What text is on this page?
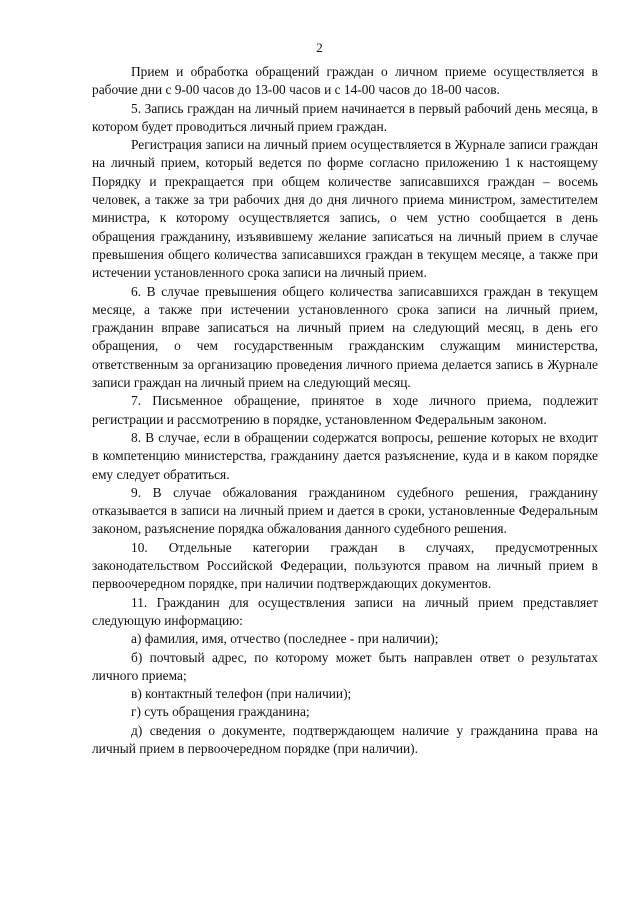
2

Прием и обработка обращений граждан о личном приеме осуществляется в рабочие дни с 9-00 часов до 13-00 часов и с 14-00 часов до 18-00 часов.

5. Запись граждан на личный прием начинается в первый рабочий день месяца, в котором будет проводиться личный прием граждан.

Регистрация записи на личный прием осуществляется в Журнале записи граждан на личный прием, который ведется по форме согласно приложению 1 к настоящему Порядку и прекращается при общем количестве записавшихся граждан – восемь человек, а также за три рабочих дня до дня личного приема министром, заместителем министра, к которому осуществляется запись, о чем устно сообщается в день обращения гражданину, изъявившему желание записаться на личный прием в случае превышения общего количества записавшихся граждан в текущем месяце, а также при истечении установленного срока записи на личный прием.

6. В случае превышения общего количества записавшихся граждан в текущем месяце, а также при истечении установленного срока записи на личный прием, гражданин вправе записаться на личный прием на следующий месяц, в день его обращения, о чем государственным гражданским служащим министерства, ответственным за организацию проведения личного приема делается запись в Журнале записи граждан на личный прием на следующий месяц.

7. Письменное обращение, принятое в ходе личного приема, подлежит регистрации и рассмотрению в порядке, установленном Федеральным законом.

8. В случае, если в обращении содержатся вопросы, решение которых не входит в компетенцию министерства, гражданину дается разъяснение, куда и в каком порядке ему следует обратиться.

9. В случае обжалования гражданином судебного решения, гражданину отказывается в записи на личный прием и дается в сроки, установленные Федеральным законом, разъяснение порядка обжалования данного судебного решения.

10. Отдельные категории граждан в случаях, предусмотренных законодательством Российской Федерации, пользуются правом на личный прием в первоочередном порядке, при наличии подтверждающих документов.

11. Гражданин для осуществления записи на личный прием представляет следующую информацию:

а) фамилия, имя, отчество (последнее - при наличии);

б) почтовый адрес, по которому может быть направлен ответ о результатах личного приема;

в) контактный телефон (при наличии);

г) суть обращения гражданина;

д) сведения о документе, подтверждающем наличие у гражданина права на личный прием в первоочередном порядке (при наличии).
